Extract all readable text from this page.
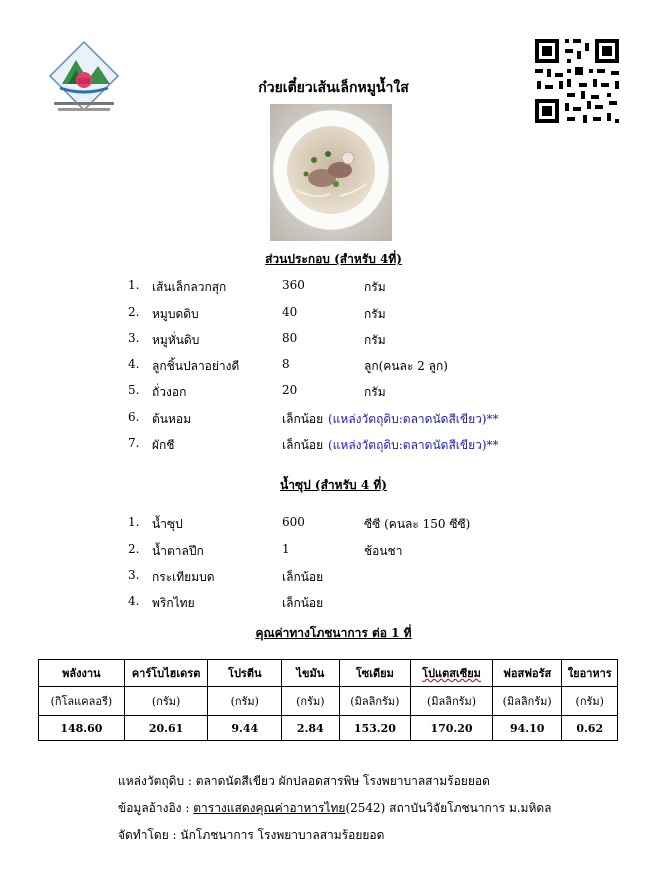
ก๋วยเตี๋ยวเส้นเล็กหมูน้ำใส
ส่วนประกอบ (สำหรับ 4ที่)
1. เส้นเล็กลวกสุก	360	กรัม
2. หมูบดดิบ	40	กรัม
3. หมูหั่นดิบ	80	กรัม
4. ลูกชิ้นปลาอย่างดี	8	ลูก(คนละ 2 ลูก)
5. ถั่วงอก	20	กรัม
6. ต้นหอม	เล็กน้อย (แหล่งวัตถุดิบ:ตลาดนัดสีเขียว)**
7. ผักชี	เล็กน้อย (แหล่งวัตถุดิบ:ตลาดนัดสีเขียว)**
น้ำซุป (สำหรับ 4 ที่)
1. น้ำซุป	600	ซีซี (คนละ 150 ซีซี)
2. น้ำตาลปึก	1	ช้อนชา
3. กระเทียมบด	เล็กน้อย
4. พริกไทย	เล็กน้อย
คุณค่าทางโภชนาการ ต่อ 1 ที่
พลังงาน	คาร์โบไฮเดรต	โปรตีน	ไขมัน	โซเดียม	โปแตสเซียม	ฟอสฟอรัส	ใยอาหาร
(กิโลแคลอรี)	(กรัม)	(กรัม)	(กรัม)	(มิลลิกรัม)	(มิลลิกรัม)	(มิลลิกรัม)	(กรัม)
148.60	20.61	9.44	2.84	153.20	170.20	94.10	0.62
แหล่งวัตถุดิบ : ตลาดนัดสีเขียว ผักปลอดสารพิษ โรงพยาบาลสามร้อยยอด
ข้อมูลอ้างอิง : ตารางแสดงคุณค่าอาหารไทย(2542) สถาบันวิจัยโภชนาการ ม.มหิดล
จัดทำโดย : นักโภชนาการ โรงพยาบาลสามร้อยยอด
